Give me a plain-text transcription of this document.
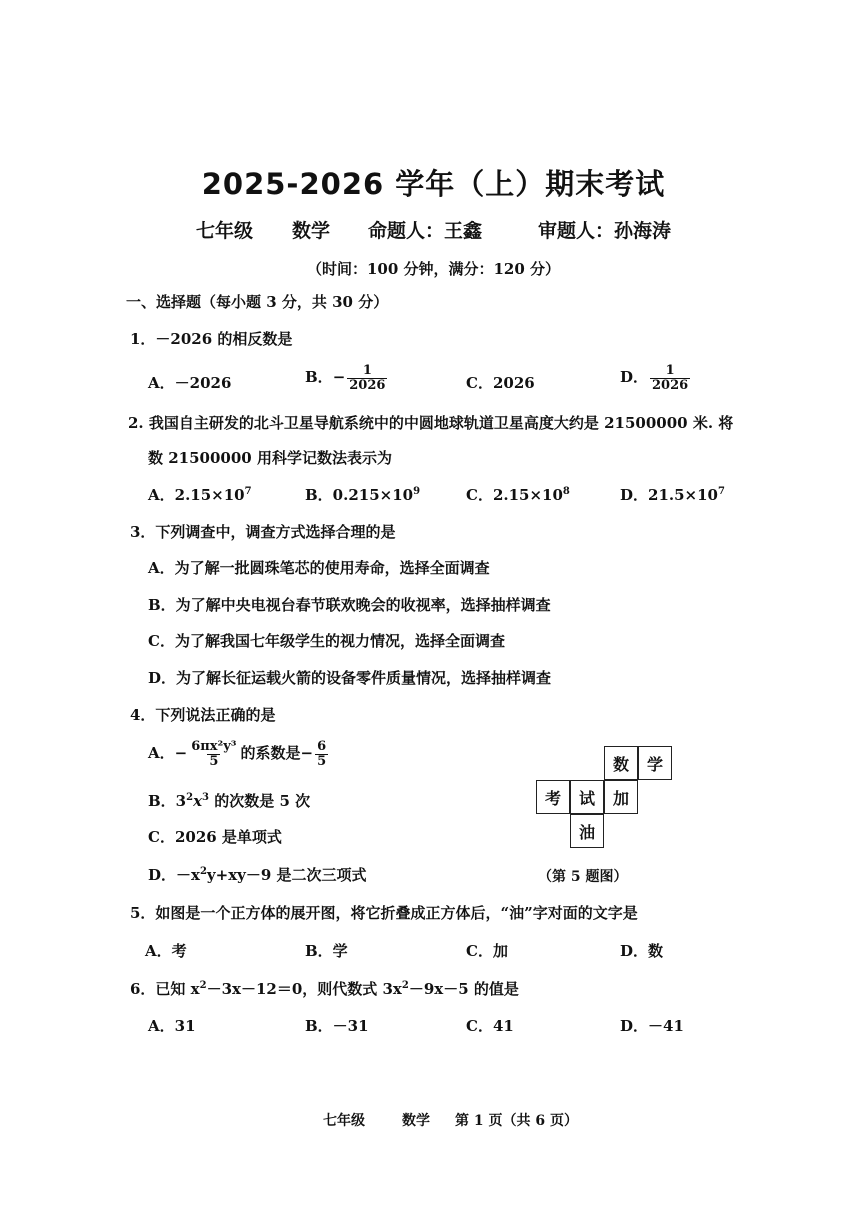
2025-2026 学年（上）期末考试
七年级 数学 命题人：王鑫	审题人：孙海涛
（时间：100 分钟，满分：120 分）
一、选择题（每小题 3 分，共 30 分）
1．－2026 的相反数是
A．－2026	B．− $\frac{1}{2026}$	C．2026	D． $\frac{1}{2026}$
2. 我国自主研发的北斗卫星导航系统中的中圆地球轨道卫星高度大约是 21500000 米. 将
数 21500000 用科学记数法表示为
A．$2.15\times 10^7$	B．$0.215\times 10^9$	C．$2.15\times 10^8$	D．$21.5\times 10^7$
3．下列调查中，调查方式选择合理的是
A．为了解一批圆珠笔芯的使用寿命，选择全面调查
B．为了解中央电视台春节联欢晚会的收视率，选择抽样调查
C．为了解我国七年级学生的视力情况，选择全面调查
D．为了解长征运载火箭的设备零件质量情况，选择抽样调查
4．下列说法正确的是
A．− $\frac{\text{6πx²y³}}{5}$ 的系数是− $\frac{6}{5}$
B．$3^2x^3$ 的次数是 5 次
C．2026 是单项式
D．$-x^2y+xy-9$ 是二次三项式
数	学
考	试	加
油
（第 5 题图）
5．如图是一个正方体的展开图，将它折叠成正方体后，“油”字对面的文字是
A．考	B．学	C．加	D．数
6．已知 $x^2-3x-12=0$，则代数式 $3x^2-9x-5$ 的值是
A．31	B．－31	C．41	D．－41
七年级	数学 第 1 页（共 6 页）
